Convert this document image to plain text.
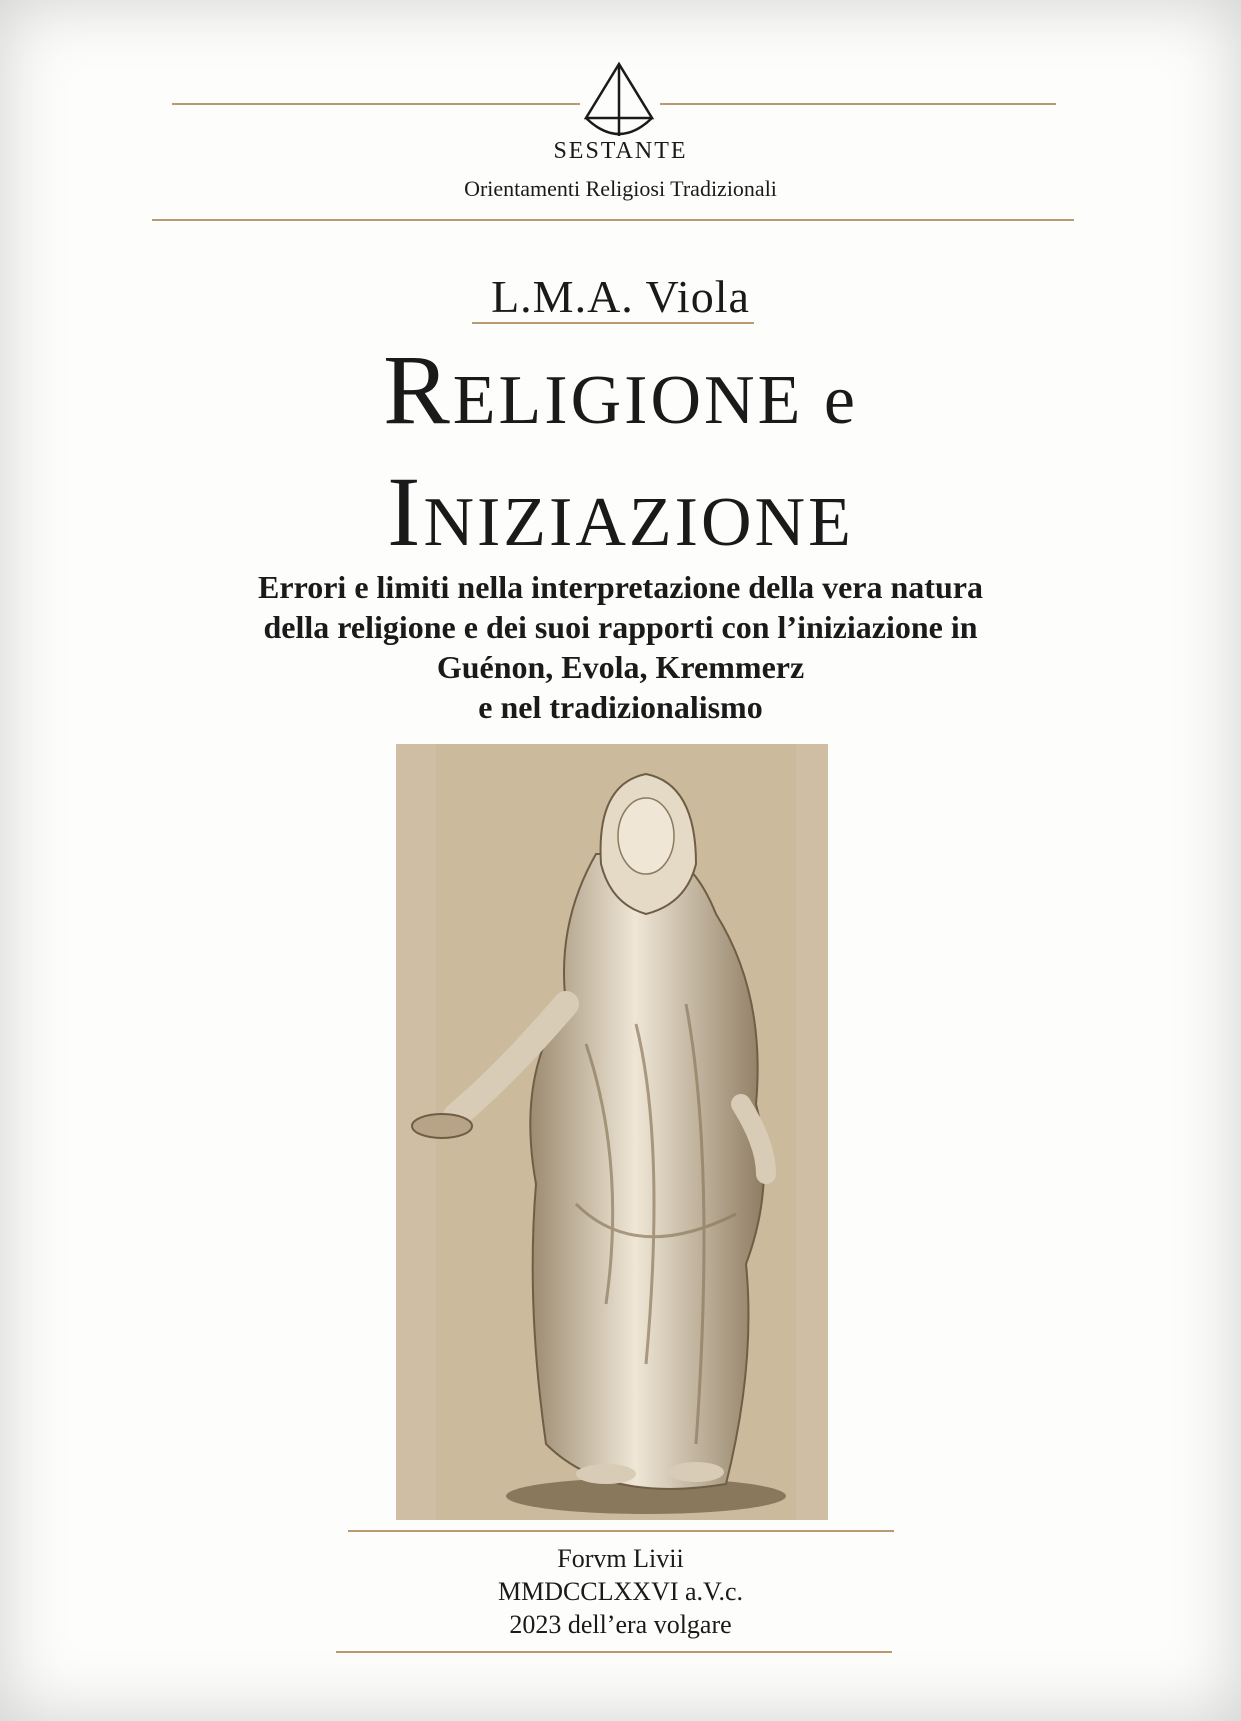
SESTANTE
Orientamenti Religiosi Tradizionali
L.M.A. Viola
RELIGIONE e
INIZIAZIONE
Errori e limiti nella interpretazione della vera natura
della religione e dei suoi rapporti con l’iniziazione in
Guénon, Evola, Kremmerz
e nel tradizionalismo
Forvm Livii
MMDCCLXXVI a.V.c.
2023 dell’era volgare
